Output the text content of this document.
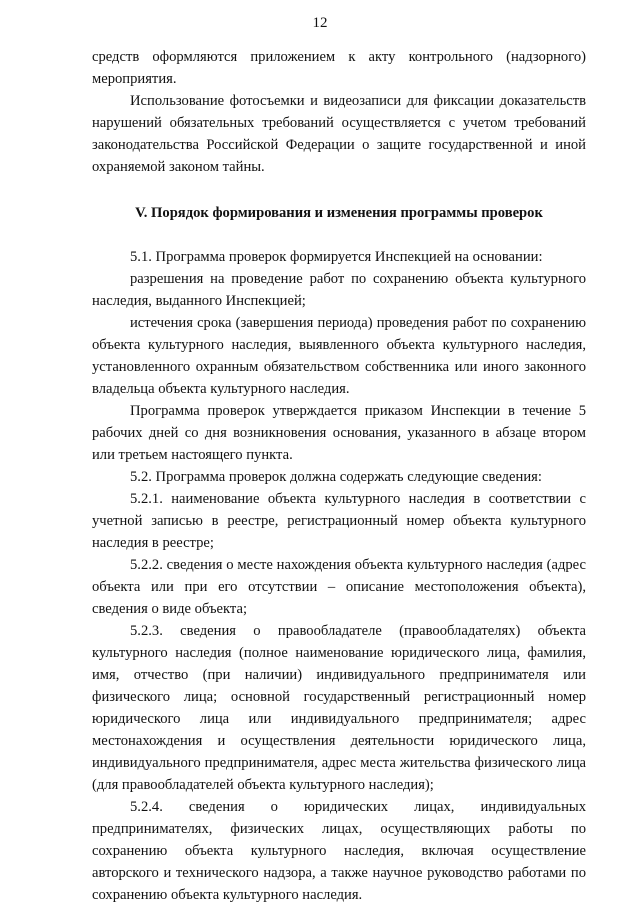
12

средств оформляются приложением к акту контрольного (надзорного) мероприятия.

Использование фотосъемки и видеозаписи для фиксации доказательств нарушений обязательных требований осуществляется с учетом требований законодательства Российской Федерации о защите государственной и иной охраняемой законом тайны.

V. Порядок формирования и изменения программы проверок

5.1. Программа проверок формируется Инспекцией на основании:

разрешения на проведение работ по сохранению объекта культурного наследия, выданного Инспекцией;

истечения срока (завершения периода) проведения работ по сохранению объекта культурного наследия, выявленного объекта культурного наследия, установленного охранным обязательством собственника или иного законного владельца объекта культурного наследия.

Программа проверок утверждается приказом Инспекции в течение 5 рабочих дней со дня возникновения основания, указанного в абзаце втором или третьем настоящего пункта.

5.2. Программа проверок должна содержать следующие сведения:

5.2.1. наименование объекта культурного наследия в соответствии с учетной записью в реестре, регистрационный номер объекта культурного наследия в реестре;

5.2.2. сведения о месте нахождения объекта культурного наследия (адрес объекта или при его отсутствии – описание местоположения объекта), сведения о виде объекта;

5.2.3. сведения о правообладателе (правообладателях) объекта культурного наследия (полное наименование юридического лица, фамилия, имя, отчество (при наличии) индивидуального предпринимателя или физического лица; основной государственный регистрационный номер юридического лица или индивидуального предпринимателя; адрес местонахождения и осуществления деятельности юридического лица, индивидуального предпринимателя, адрес места жительства физического лица (для правообладателей объекта культурного наследия);

5.2.4. сведения о юридических лицах, индивидуальных предпринимателях, физических лицах, осуществляющих работы по сохранению объекта культурного наследия, включая осуществление авторского и технического надзора, а также научное руководство работами по сохранению объекта культурного наследия.
